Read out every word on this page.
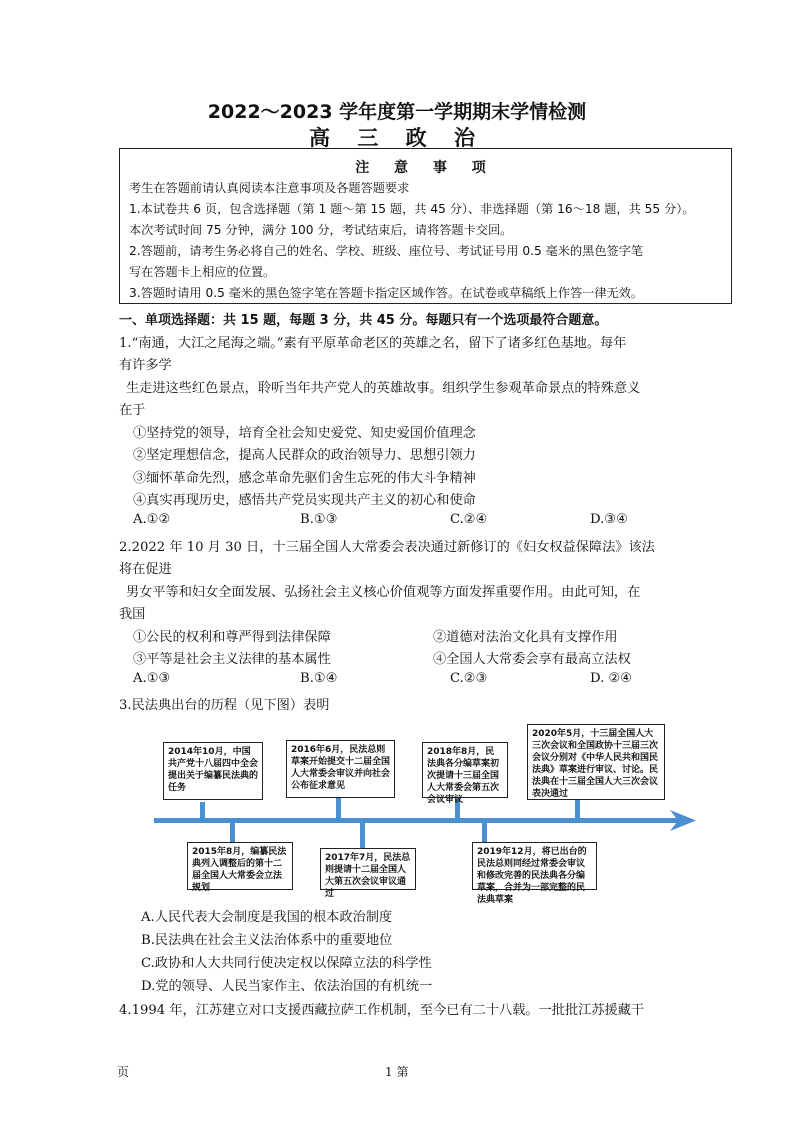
2022～2023 学年度第一学期期末学情检测
高 三 政 治
注 意 事 项
考生在答题前请认真阅读本注意事项及各题答题要求
1.本试卷共 6 页，包含选择题（第 1 题～第 15 题，共 45 分）、非选择题（第 16～18 题，共 55 分）。
本次考试时间 75 分钟，满分 100 分，考试结束后，请将答题卡交回。
2.答题前，请考生务必将自己的姓名、学校、班级、座位号、考试证号用 0.5 毫米的黑色签字笔
写在答题卡上相应的位置。
3.答题时请用 0.5 毫米的黑色签字笔在答题卡指定区域作答。在试卷或草稿纸上作答一律无效。
一、单项选择题：共 15 题，每题 3 分，共 45 分。每题只有一个选项最符合题意。
1.“南通，大江之尾海之端。”素有平原革命老区的英雄之名，留下了诸多红色基地。每年
有许多学
生走进这些红色景点，聆听当年共产党人的英雄故事。组织学生参观革命景点的特殊意义
在于
①坚持党的领导，培育全社会知史爱党、知史爱国价值理念
②坚定理想信念，提高人民群众的政治领导力、思想引领力
③缅怀革命先烈，感念革命先驱们舍生忘死的伟大斗争精神
④真实再现历史，感悟共产党员实现共产主义的初心和使命
A.①②	B.①③	C.②④	D.③④
2.2022 年 10 月 30 日，十三届全国人大常委会表决通过新修订的《妇女权益保障法》该法
将在促进
男女平等和妇女全面发展、弘扬社会主义核心价值观等方面发挥重要作用。由此可知，在
我国
①公民的权利和尊严得到法律保障	②道德对法治文化具有支撑作用
③平等是社会主义法律的基本属性	④全国人大常委会享有最高立法权
A.①③	B.①④	C.②③	D. ②④
3.民法典出台的历程（见下图）表明
2014年10月，中国共产党十八届四中全会提出关于编纂民法典的任务
2016年6月，民法总则草案开始提交十二届全国人大常委会审议并向社会公布征求意见
2018年8月，民法典各分编草案初次提请十三届全国人大常委会第五次会议审议
2020年5月，十三届全国人大三次会议和全国政协十三届三次会议分别对《中华人民共和国民法典》草案进行审议、讨论。民法典在十三届全国人大三次会议表决通过
2015年8月，编纂民法典列入调整后的第十二届全国人大常委会立法规划
2017年7月，民法总则提请十二届全国人大第五次会议审议通过
2019年12月，将已出台的民法总则同经过常委会审议和修改完善的民法典各分编草案，合并为一部完整的民法典草案
A.人民代表大会制度是我国的根本政治制度
B.民法典在社会主义法治体系中的重要地位
C.政协和人大共同行使决定权以保障立法的科学性
D.党的领导、人民当家作主、依法治国的有机统一
4.1994 年，江苏建立对口支援西藏拉萨工作机制，至今已有二十八载。一批批江苏援藏干
页	1 第
